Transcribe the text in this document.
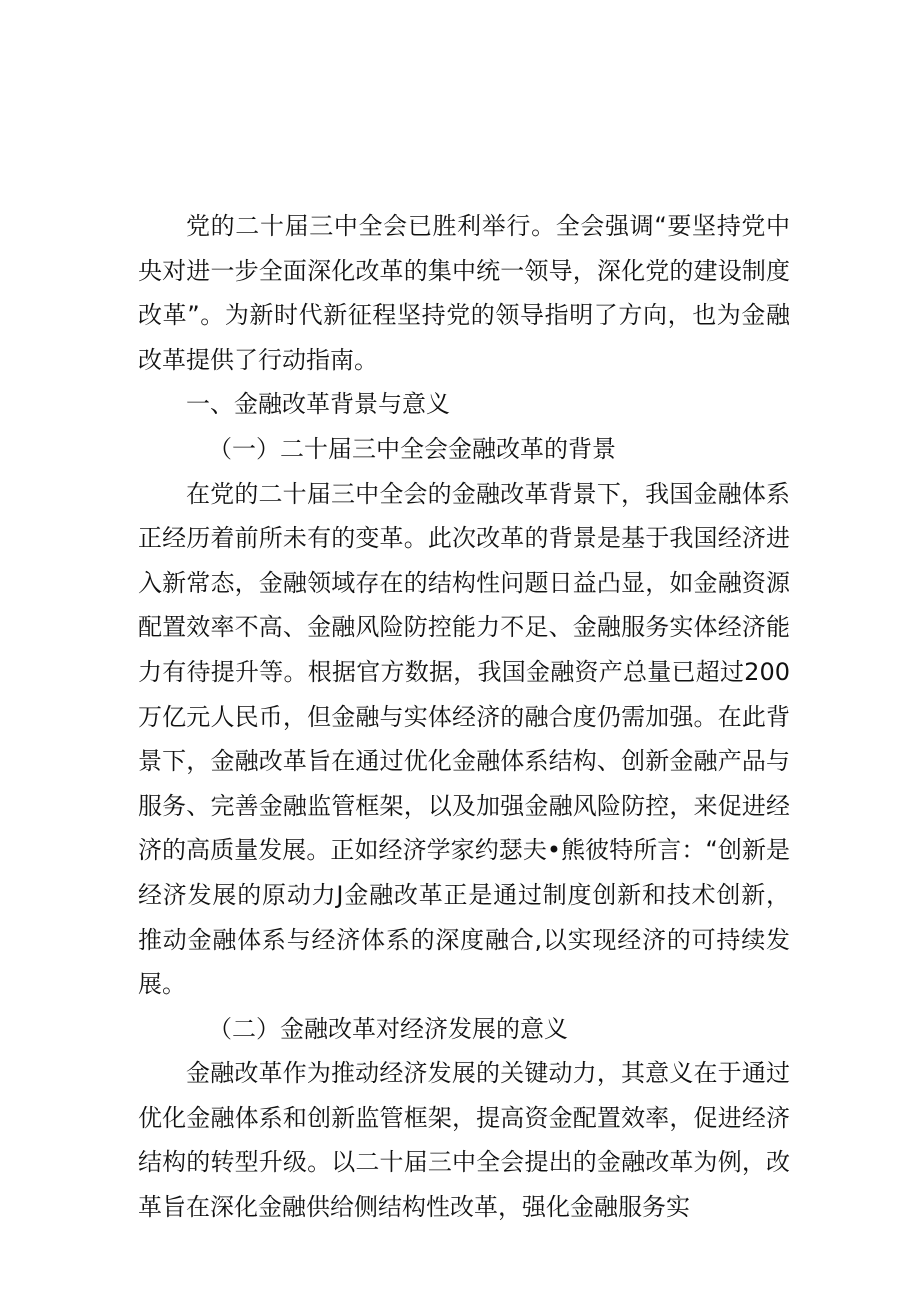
党的二十届三中全会已胜利举行。全会强调“要坚持党中央对进一步全面深化改革的集中统一领导，深化党的建设制度改革”。为新时代新征程坚持党的领导指明了方向，也为金融改革提供了行动指南。

一、金融改革背景与意义

（一）二十届三中全会金融改革的背景

在党的二十届三中全会的金融改革背景下，我国金融体系正经历着前所未有的变革。此次改革的背景是基于我国经济进入新常态，金融领域存在的结构性问题日益凸显，如金融资源配置效率不高、金融风险防控能力不足、金融服务实体经济能力有待提升等。根据官方数据，我国金融资产总量已超过200万亿元人民币，但金融与实体经济的融合度仍需加强。在此背景下，金融改革旨在通过优化金融体系结构、创新金融产品与服务、完善金融监管框架，以及加强金融风险防控，来促进经济的高质量发展。正如经济学家约瑟夫•熊彼特所言：“创新是经济发展的原动力J金融改革正是通过制度创新和技术创新，推动金融体系与经济体系的深度融合,以实现经济的可持续发展。

（二）金融改革对经济发展的意义

金融改革作为推动经济发展的关键动力，其意义在于通过优化金融体系和创新监管框架，提高资金配置效率，促进经济结构的转型升级。以二十届三中全会提出的金融改革为例，改革旨在深化金融供给侧结构性改革，强化金融服务实
